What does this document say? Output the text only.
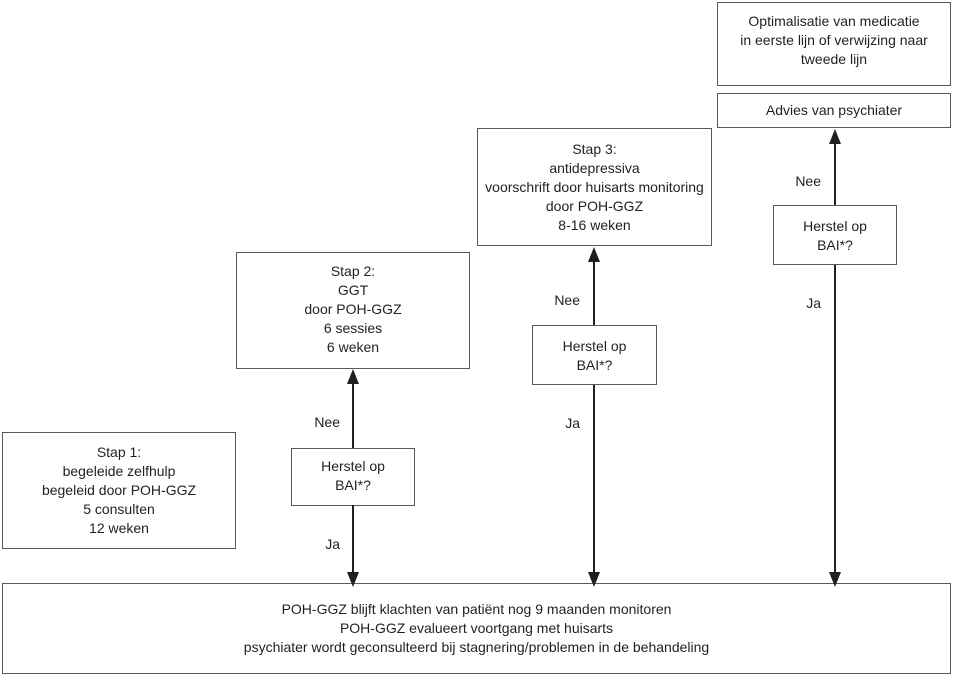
Optimalisatie van medicatie
in eerste lijn of verwijzing naar tweede lijn
Advies van psychiater
Stap 3:
antidepressiva
voorschrift door huisarts monitoring
door POH-GGZ
8-16 weken
Stap 2:
GGT
door POH-GGZ
6 sessies
6 weken
Stap 1:
begeleide zelfhulp
begeleid door POH-GGZ
5 consulten
12 weken
Herstel op
BAI*?
Herstel op
BAI*?
Herstel op
BAI*?
POH-GGZ blijft klachten van patiënt nog 9 maanden monitoren
POH-GGZ evalueert voortgang met huisarts
psychiater wordt geconsulteerd bij stagnering/problemen in de behandeling
Nee
Ja
Nee
Ja
Nee
Ja
